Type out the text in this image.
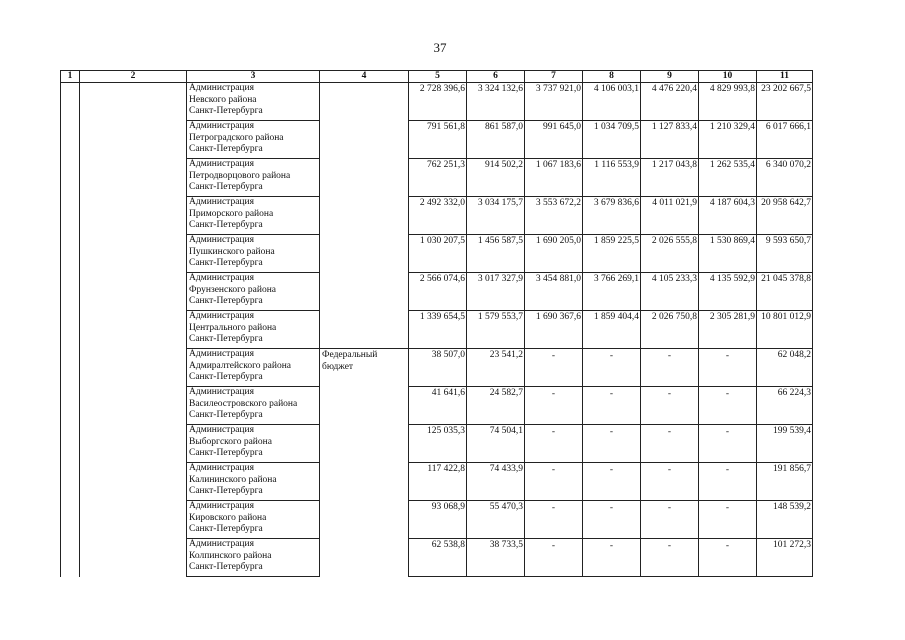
37
1	2	3	4	5	6	7	8	9	10	11

		Администрация
Невского района
Санкт-Петербурга		2 728 396,6	3 324 132,6	3 737 921,0	4 106 003,1	4 476 220,4	4 829 993,8	23 202 667,5

		Администрация
Петроградского района
Санкт-Петербурга		791 561,8	861 587,0	991 645,0	1 034 709,5	1 127 833,4	1 210 329,4	6 017 666,1

		Администрация
Петродворцового района
Санкт-Петербурга		762 251,3	914 502,2	1 067 183,6	1 116 553,9	1 217 043,8	1 262 535,4	6 340 070,2

		Администрация
Приморского района
Санкт-Петербурга		2 492 332,0	3 034 175,7	3 553 672,2	3 679 836,6	4 011 021,9	4 187 604,3	20 958 642,7

		Администрация
Пушкинского района
Санкт-Петербурга		1 030 207,5	1 456 587,5	1 690 205,0	1 859 225,5	2 026 555,8	1 530 869,4	9 593 650,7

		Администрация
Фрунзенского района
Санкт-Петербурга		2 566 074,6	3 017 327,9	3 454 881,0	3 766 269,1	4 105 233,3	4 135 592,9	21 045 378,8

		Администрация
Центрального района
Санкт-Петербурга		1 339 654,5	1 579 553,7	1 690 367,6	1 859 404,4	2 026 750,8	2 305 281,9	10 801 012,9

		Администрация
Адмиралтейского района
Санкт-Петербурга	Федеральный бюджет	38 507,0	23 541,2	-	-	-	-	62 048,2

		Администрация
Василеостровского района
Санкт-Петербурга		41 641,6	24 582,7	-	-	-	-	66 224,3

		Администрация
Выборгского района
Санкт-Петербурга		125 035,3	74 504,1	-	-	-	-	199 539,4

		Администрация
Калининского района
Санкт-Петербурга		117 422,8	74 433,9	-	-	-	-	191 856,7

		Администрация
Кировского района
Санкт-Петербурга		93 068,9	55 470,3	-	-	-	-	148 539,2

		Администрация
Колпинского района
Санкт-Петербурга		62 538,8	38 733,5	-	-	-	-	101 272,3
